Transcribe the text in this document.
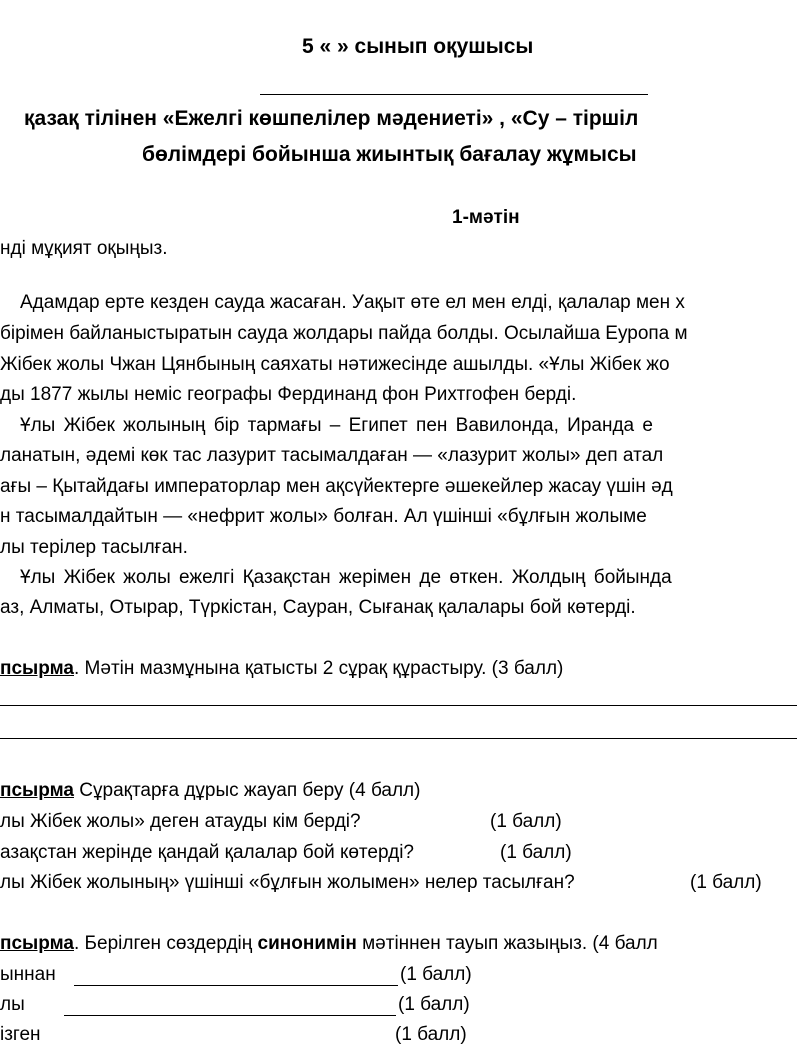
5 « » сынып оқушысы
қазақ тілінен «Ежелгі көшпелілер мәдениеті» , «Су – тіршіл
бөлімдері бойынша жиынтық бағалау жұмысы
1-мәтін
нді мұқият оқыңыз.
Адамдар ерте кезден сауда жасаған. Уақыт өте ел мен елді, қалалар мен х
бірімен байланыстыратын сауда жолдары пайда болды. Осылайша Еуропа м
Жібек жолы Чжан Цянбының саяхаты нәтижесінде ашылды. «Ұлы Жібек жо
ды 1877 жылы неміс географы Фердинанд фон Рихтгофен берді.
Ұлы Жібек жолының бір тармағы – Египет пен Вавилонда, Иранда е
ланатын, әдемі көк тас лазурит тасымалдаған — «лазурит жолы» деп атал
ағы – Қытайдағы императорлар мен ақсүйектерге әшекейлер жасау үшін әд
н тасымалдайтын — «нефрит жолы» болған. Ал үшінші «бұлғын жолыме
лы терілер тасылған.
Ұлы Жібек жолы ежелгі Қазақстан жерімен де өткен. Жолдың бойында
аз, Алматы, Отырар, Түркістан, Сауран, Сығанақ қалалары бой көтерді.
псырма. Мәтін мазмұнына қатысты 2 сұрақ құрастыру. (3 балл)
псырма Сұрақтарға дұрыс жауап беру (4 балл)
лы Жібек жолы» деген атауды кім берді?	(1 балл)
азақстан жерінде қандай қалалар бой көтерді?	(1 балл)
лы Жібек жолының» үшінші «бұлғын жолымен» нелер тасылған?	(1 балл)
псырма. Берілген сөздердің синонимін мәтіннен тауып жазыңыз. (4 балл
ыннан	(1 балл)
лы	(1 балл)
ізген	(1 балл)
